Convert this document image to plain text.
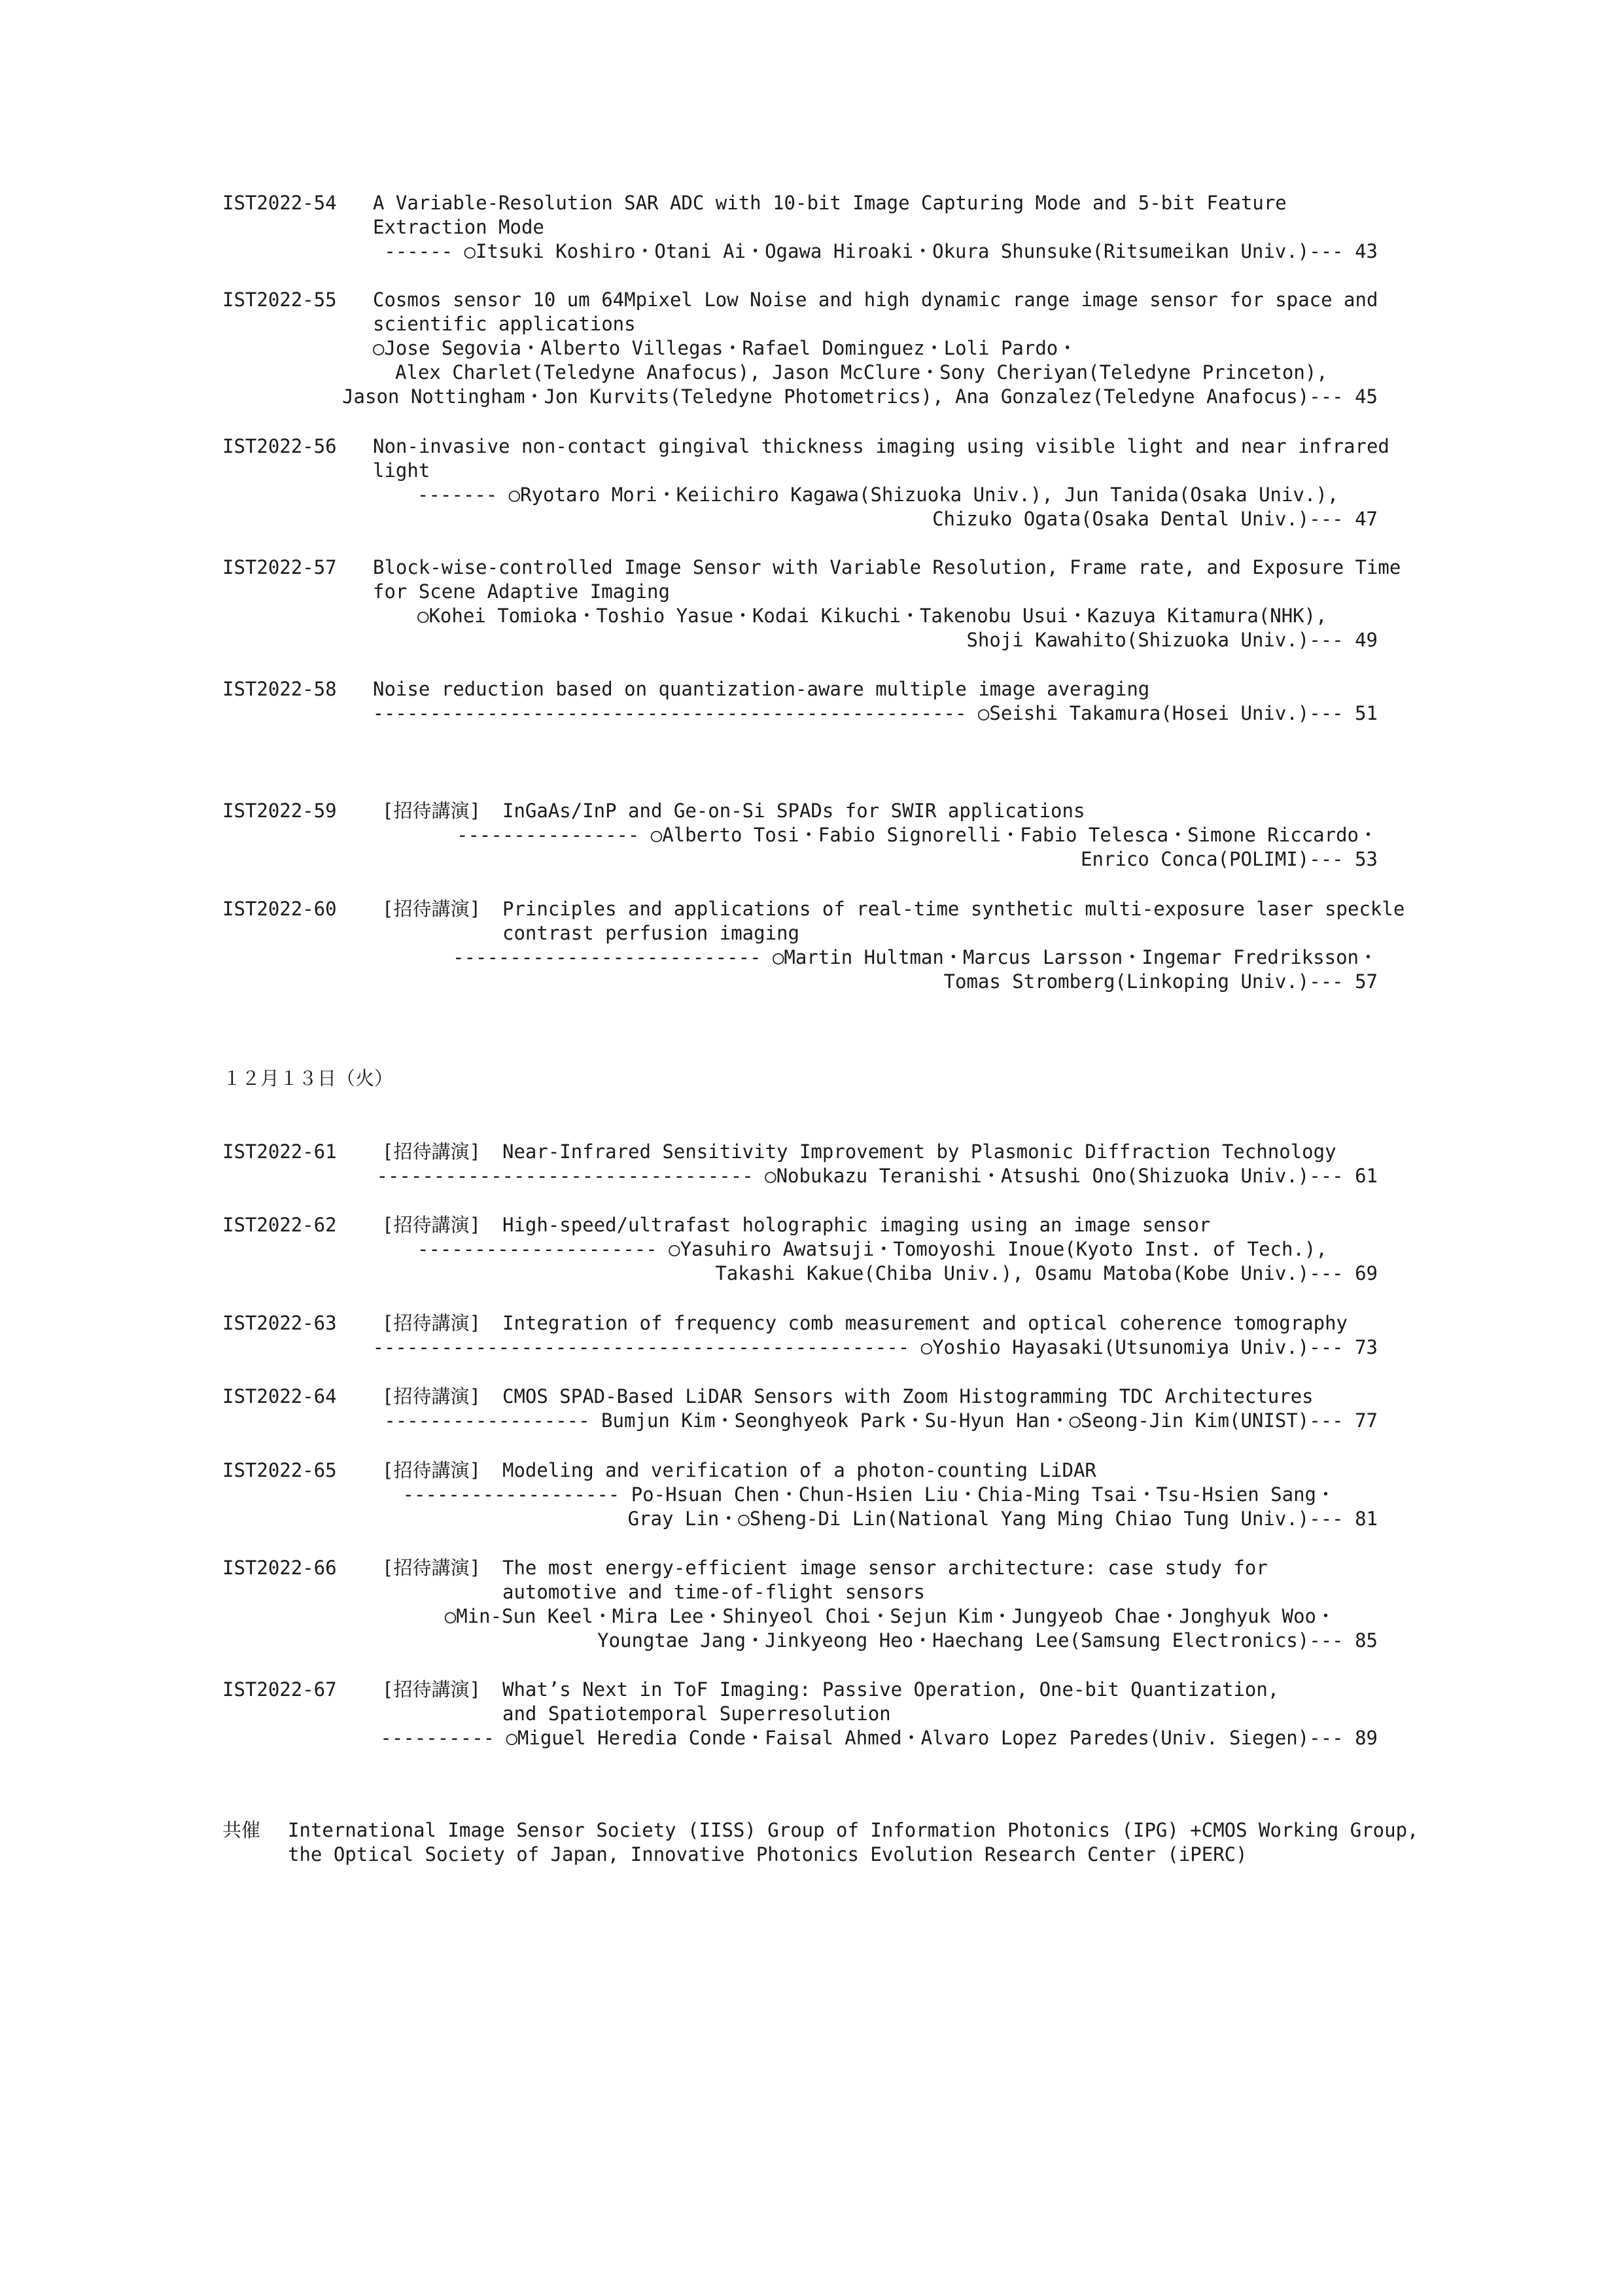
IST2022-54 A Variable-Resolution SAR ADC with 10-bit Image Capturing Mode and 5-bit Feature
Extraction Mode
------ ○Itsuki Koshiro・Otani Ai・Ogawa Hiroaki・Okura Shunsuke(Ritsumeikan Univ.)--- 43
IST2022-55 Cosmos sensor 10 um 64Mpixel Low Noise and high dynamic range image sensor for space and
scientific applications
○Jose Segovia・Alberto Villegas・Rafael Dominguez・Loli Pardo・
Alex Charlet(Teledyne Anafocus), Jason McClure・Sony Cheriyan(Teledyne Princeton),
Jason Nottingham・Jon Kurvits(Teledyne Photometrics), Ana Gonzalez(Teledyne Anafocus)--- 45
IST2022-56 Non-invasive non-contact gingival thickness imaging using visible light and near infrared
light
------- ○Ryotaro Mori・Keiichiro Kagawa(Shizuoka Univ.), Jun Tanida(Osaka Univ.),
Chizuko Ogata(Osaka Dental Univ.)--- 47
IST2022-57 Block-wise-controlled Image Sensor with Variable Resolution, Frame rate, and Exposure Time
for Scene Adaptive Imaging
○Kohei Tomioka・Toshio Yasue・Kodai Kikuchi・Takenobu Usui・Kazuya Kitamura(NHK),
Shoji Kawahito(Shizuoka Univ.)--- 49
IST2022-58 Noise reduction based on quantization-aware multiple image averaging
---------------------------------------------------- ○Seishi Takamura(Hosei Univ.)--- 51
IST2022-59 [招待講演] InGaAs/InP and Ge-on-Si SPADs for SWIR applications
---------------- ○Alberto Tosi・Fabio Signorelli・Fabio Telesca・Simone Riccardo・
Enrico Conca(POLIMI)--- 53
IST2022-60 [招待講演] Principles and applications of real-time synthetic multi-exposure laser speckle
contrast perfusion imaging
--------------------------- ○Martin Hultman・Marcus Larsson・Ingemar Fredriksson・
Tomas Stromberg(Linkoping Univ.)--- 57
１２月１３日（火）
IST2022-61 [招待講演] Near-Infrared Sensitivity Improvement by Plasmonic Diffraction Technology
--------------------------------- ○Nobukazu Teranishi・Atsushi Ono(Shizuoka Univ.)--- 61
IST2022-62 [招待講演] High-speed/ultrafast holographic imaging using an image sensor
--------------------- ○Yasuhiro Awatsuji・Tomoyoshi Inoue(Kyoto Inst. of Tech.),
Takashi Kakue(Chiba Univ.), Osamu Matoba(Kobe Univ.)--- 69
IST2022-63 [招待講演] Integration of frequency comb measurement and optical coherence tomography
----------------------------------------------- ○Yoshio Hayasaki(Utsunomiya Univ.)--- 73
IST2022-64 [招待講演] CMOS SPAD-Based LiDAR Sensors with Zoom Histogramming TDC Architectures
------------------ Bumjun Kim・Seonghyeok Park・Su-Hyun Han・○Seong-Jin Kim(UNIST)--- 77
IST2022-65 [招待講演] Modeling and verification of a photon-counting LiDAR
------------------- Po-Hsuan Chen・Chun-Hsien Liu・Chia-Ming Tsai・Tsu-Hsien Sang・
Gray Lin・○Sheng-Di Lin(National Yang Ming Chiao Tung Univ.)--- 81
IST2022-66 [招待講演] The most energy-efficient image sensor architecture: case study for
automotive and time-of-flight sensors
○Min-Sun Keel・Mira Lee・Shinyeol Choi・Sejun Kim・Jungyeob Chae・Jonghyuk Woo・
Youngtae Jang・Jinkyeong Heo・Haechang Lee(Samsung Electronics)--- 85
IST2022-67 [招待講演] What’s Next in ToF Imaging: Passive Operation, One-bit Quantization,
and Spatiotemporal Superresolution
---------- ○Miguel Heredia Conde・Faisal Ahmed・Alvaro Lopez Paredes(Univ. Siegen)--- 89
共催 International Image Sensor Society (IISS) Group of Information Photonics (IPG) +CMOS Working Group,
the Optical Society of Japan, Innovative Photonics Evolution Research Center (iPERC)
